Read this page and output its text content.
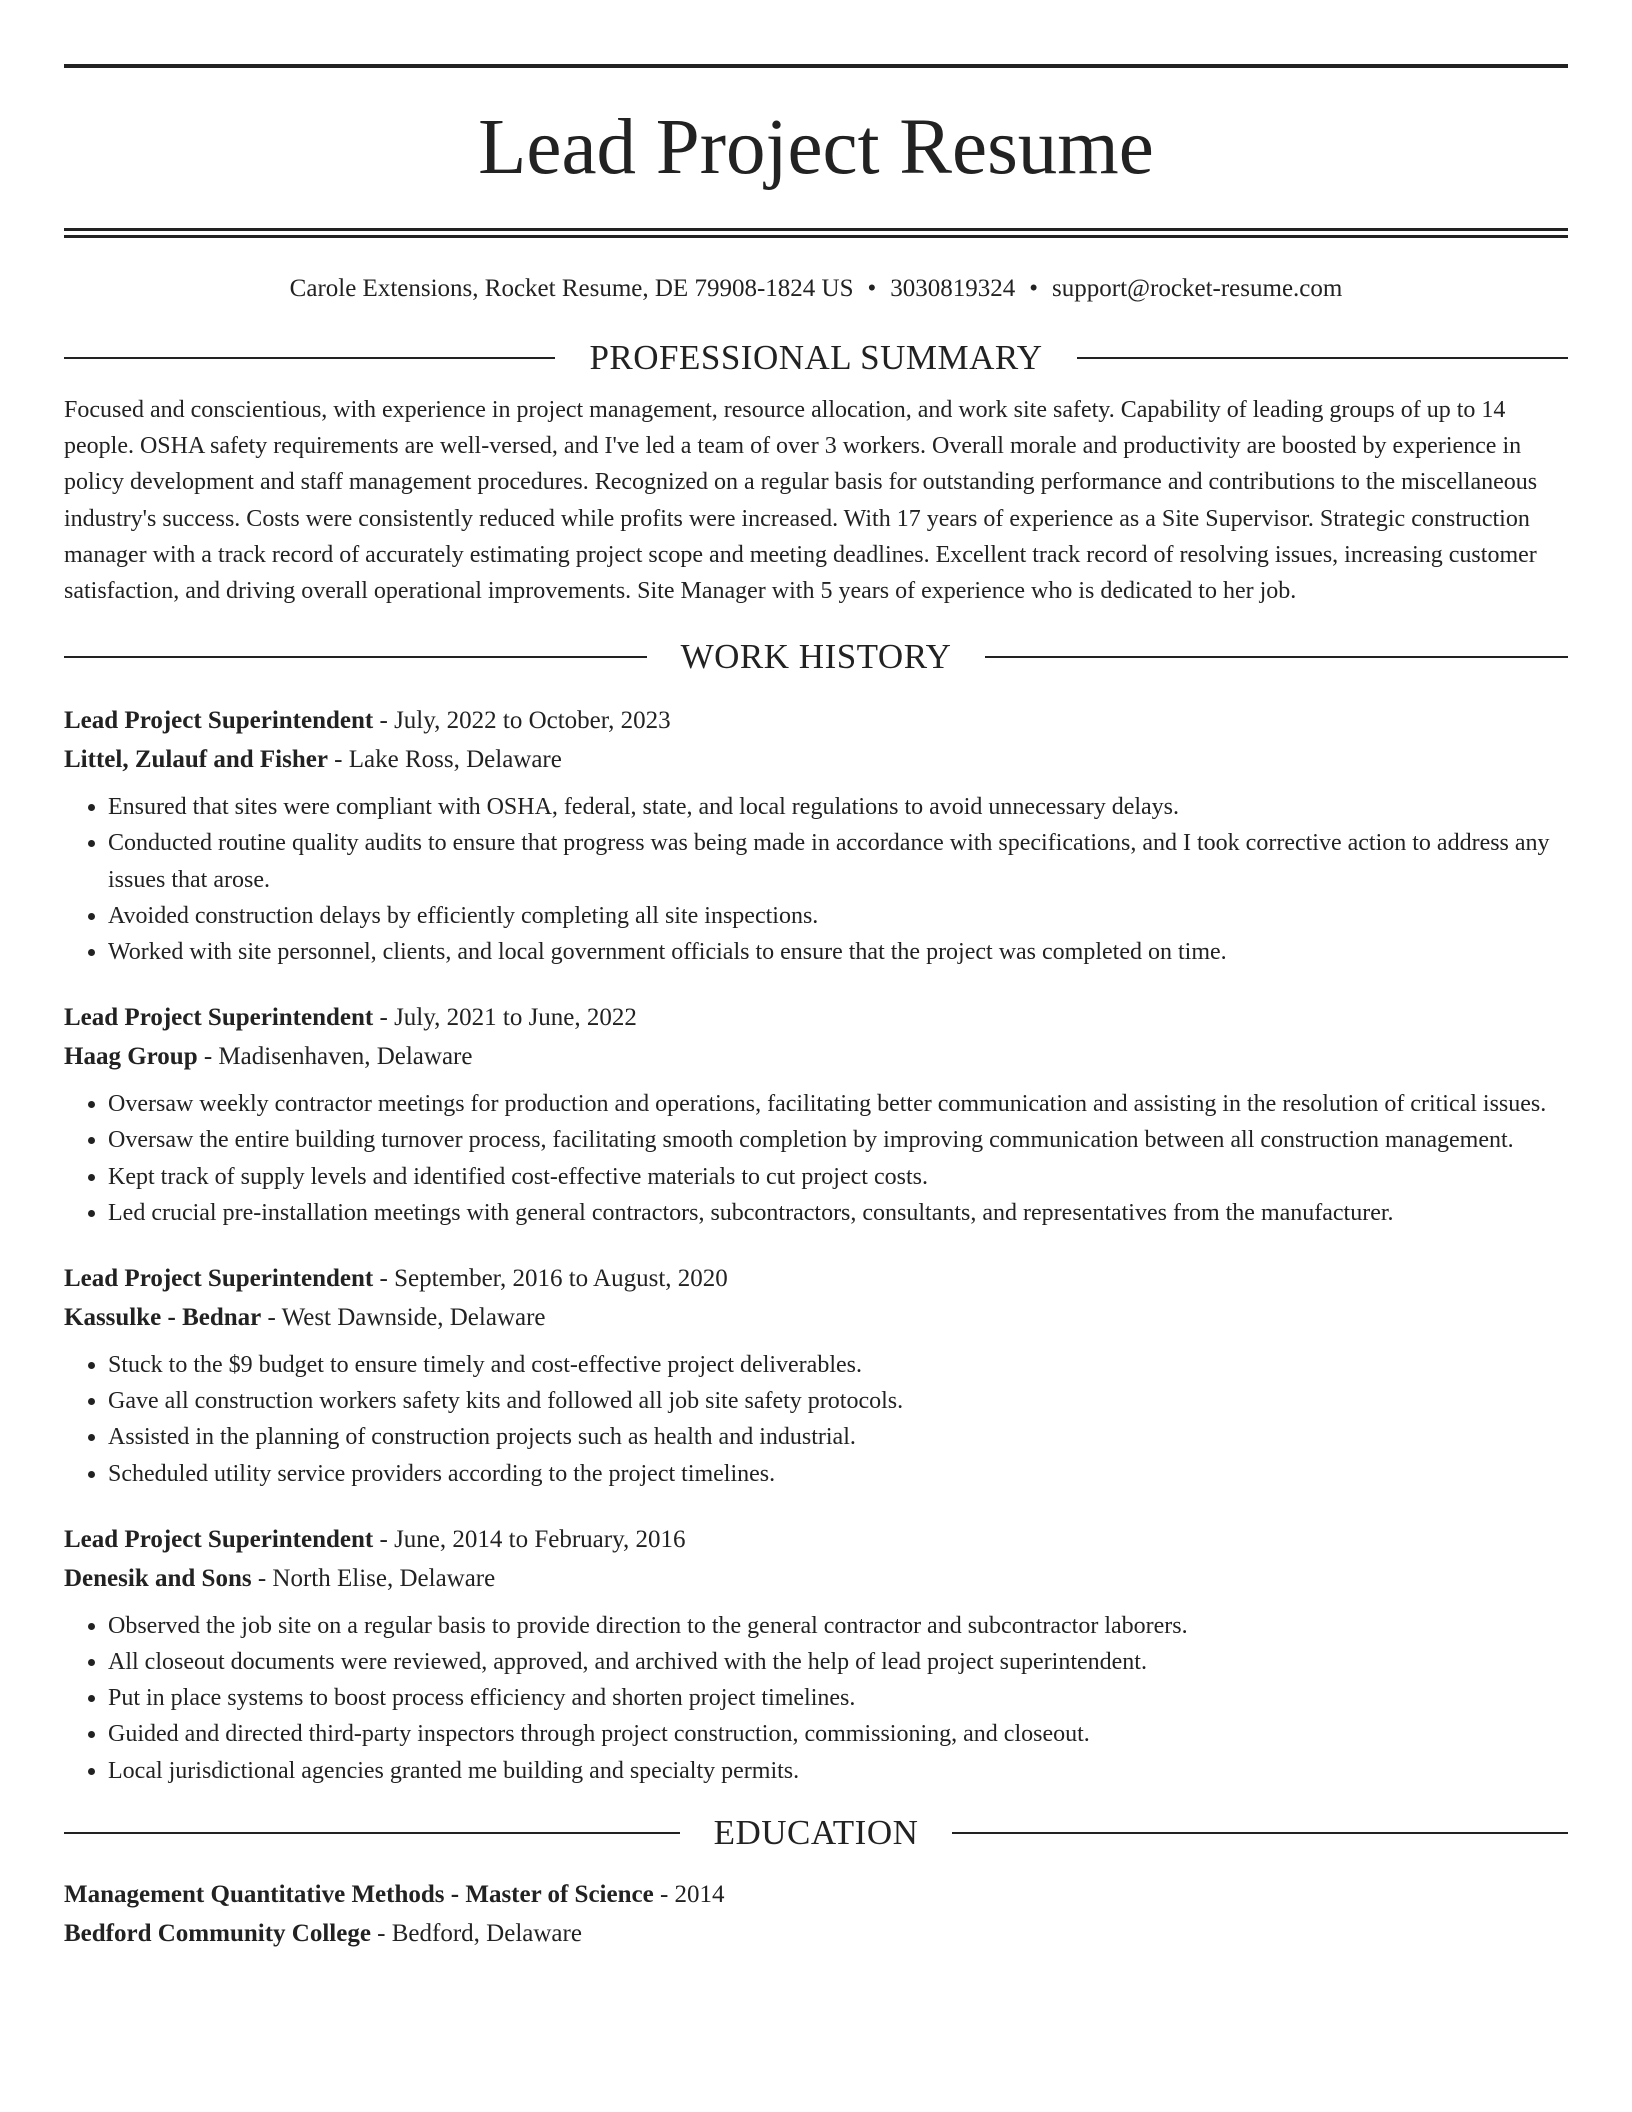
Lead Project Resume
Carole Extensions, Rocket Resume, DE 79908-1824 US • 3030819324 • support@rocket-resume.com
PROFESSIONAL SUMMARY
Focused and conscientious, with experience in project management, resource allocation, and work site safety. Capability of leading groups of up to 14 people. OSHA safety requirements are well-versed, and I've led a team of over 3 workers. Overall morale and productivity are boosted by experience in policy development and staff management procedures. Recognized on a regular basis for outstanding performance and contributions to the miscellaneous industry's success. Costs were consistently reduced while profits were increased. With 17 years of experience as a Site Supervisor. Strategic construction manager with a track record of accurately estimating project scope and meeting deadlines. Excellent track record of resolving issues, increasing customer satisfaction, and driving overall operational improvements. Site Manager with 5 years of experience who is dedicated to her job.
WORK HISTORY
Lead Project Superintendent - July, 2022 to October, 2023
Littel, Zulauf and Fisher - Lake Ross, Delaware
• Ensured that sites were compliant with OSHA, federal, state, and local regulations to avoid unnecessary delays.
• Conducted routine quality audits to ensure that progress was being made in accordance with specifications, and I took corrective action to address any issues that arose.
• Avoided construction delays by efficiently completing all site inspections.
• Worked with site personnel, clients, and local government officials to ensure that the project was completed on time.
Lead Project Superintendent - July, 2021 to June, 2022
Haag Group - Madisenhaven, Delaware
• Oversaw weekly contractor meetings for production and operations, facilitating better communication and assisting in the resolution of critical issues.
• Oversaw the entire building turnover process, facilitating smooth completion by improving communication between all construction management.
• Kept track of supply levels and identified cost-effective materials to cut project costs.
• Led crucial pre-installation meetings with general contractors, subcontractors, consultants, and representatives from the manufacturer.
Lead Project Superintendent - September, 2016 to August, 2020
Kassulke - Bednar - West Dawnside, Delaware
• Stuck to the $9 budget to ensure timely and cost-effective project deliverables.
• Gave all construction workers safety kits and followed all job site safety protocols.
• Assisted in the planning of construction projects such as health and industrial.
• Scheduled utility service providers according to the project timelines.
Lead Project Superintendent - June, 2014 to February, 2016
Denesik and Sons - North Elise, Delaware
• Observed the job site on a regular basis to provide direction to the general contractor and subcontractor laborers.
• All closeout documents were reviewed, approved, and archived with the help of lead project superintendent.
• Put in place systems to boost process efficiency and shorten project timelines.
• Guided and directed third-party inspectors through project construction, commissioning, and closeout.
• Local jurisdictional agencies granted me building and specialty permits.
EDUCATION
Management Quantitative Methods - Master of Science - 2014
Bedford Community College - Bedford, Delaware
